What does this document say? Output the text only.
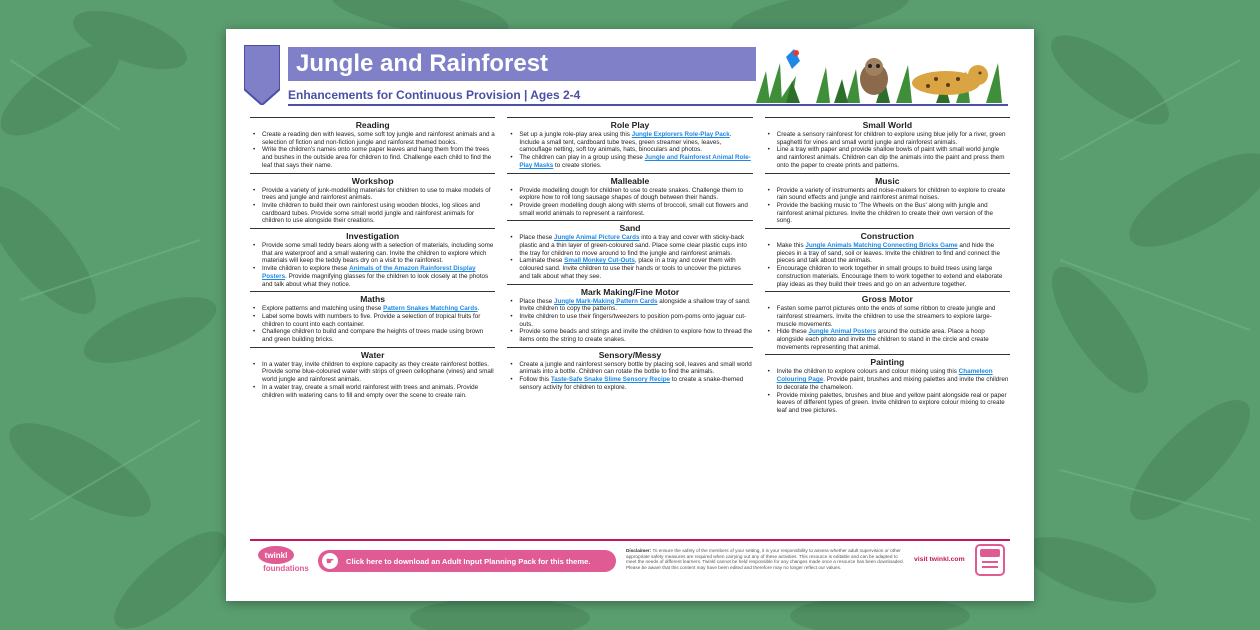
Jungle and Rainforest
Enhancements for Continuous Provision | Ages 2-4
Reading
• Create a reading den with leaves, some soft toy jungle and rainforest animals and a selection of fiction and non-fiction jungle and rainforest themed books.
• Write the children's names onto some paper leaves and hang them from the trees and bushes in the outside area for children to find. Challenge each child to find the leaf that says their name.
Workshop
• Provide a variety of junk-modelling materials for children to use to make models of trees and jungle and rainforest animals.
• Invite children to build their own rainforest using wooden blocks, log slices and cardboard tubes. Provide some small world jungle and rainforest animals for children to use alongside their creations.
Investigation
• Provide some small teddy bears along with a selection of materials, including some that are waterproof and a small watering can. Invite the children to explore which materials will keep the teddy bears dry on a visit to the rainforest.
• Invite children to explore these Animals of the Amazon Rainforest Display Posters. Provide magnifying glasses for the children to look closely at the photos and talk about what they notice.
Maths
• Explore patterns and matching using these Pattern Snakes Matching Cards.
• Label some bowls with numbers to five. Provide a selection of tropical fruits for children to count into each container.
• Challenge children to build and compare the heights of trees made using brown and green building bricks.
Water
• In a water tray, invite children to explore capacity as they create rainforest bottles. Provide some blue-coloured water with strips of green cellophane (vines) and small world jungle and rainforest animals.
• In a water tray, create a small world rainforest with trees and animals. Provide children with watering cans to fill and empty over the scene to create rain.
Role Play
• Set up a jungle role-play area using this Jungle Explorers Role-Play Pack. Include a small tent, cardboard tube trees, green streamer vines, leaves, camouflage netting, soft toy animals, hats, binoculars and photos.
• The children can play in a group using these Jungle and Rainforest Animal Role-Play Masks to create stories.
Malleable
• Provide modelling dough for children to use to create snakes. Challenge them to explore how to roll long sausage shapes of dough between their hands.
• Provide green modelling dough along with stems of broccoli, small cut flowers and small world animals to represent a rainforest.
Sand
• Place these Jungle Animal Picture Cards into a tray and cover with sticky-back plastic and a thin layer of green-coloured sand. Place some clear plastic cups into the tray for children to move around to find the jungle and rainforest animals.
• Laminate these Small Monkey Cut-Outs, place in a tray and cover them with coloured sand. Invite children to use their hands or tools to uncover the pictures and talk about what they see.
Mark Making/Fine Motor
• Place these Jungle Mark-Making Pattern Cards alongside a shallow tray of sand. Invite children to copy the patterns.
• Invite children to use their fingers/tweezers to position pom-poms onto jaguar cut-outs.
• Provide some beads and strings and invite the children to explore how to thread the items onto the string to create snakes.
Sensory/Messy
• Create a jungle and rainforest sensory bottle by placing soil, leaves and small world animals into a bottle. Children can rotate the bottle to find the animals.
• Follow this Taste-Safe Snake Slime Sensory Recipe to create a snake-themed sensory activity for children to explore.
Small World
• Create a sensory rainforest for children to explore using blue jelly for a river, green spaghetti for vines and small world jungle and rainforest animals.
• Line a tray with paper and provide shallow bowls of paint with small world jungle and rainforest animals. Children can dip the animals into the paint and press them onto the paper to create prints and patterns.
Music
• Provide a variety of instruments and noise-makers for children to explore to create rain sound effects and jungle and rainforest animal noises.
• Provide the backing music to 'The Wheels on the Bus' along with jungle and rainforest animal pictures. Invite the children to create their own version of the song.
Construction
• Make this Jungle Animals Matching Connecting Bricks Game and hide the pieces in a tray of sand, soil or leaves. Invite the children to find and connect the pieces and talk about the animals.
• Encourage children to work together in small groups to build trees using large construction materials. Encourage them to work together to extend and elaborate play ideas as they build their trees and go on an adventure together.
Gross Motor
• Fasten some parrot pictures onto the ends of some ribbon to create jungle and rainforest streamers. Invite the children to use the streamers to explore large-muscle movements.
• Hide these Jungle Animal Posters around the outside area. Place a hoop alongside each photo and invite the children to stand in the circle and create movements representing that animal.
Painting
• Invite the children to explore colours and colour mixing using this Chameleon Colouring Page. Provide paint, brushes and mixing palettes and invite the children to decorate the chameleon.
• Provide mixing palettes, brushes and blue and yellow paint alongside real or paper leaves of different types of green. Invite children to explore colour mixing to create leaf and tree pictures.
twinkl
foundations
☛	Click here to download an Adult Input Planning Pack for this theme.
Disclaimer: To ensure the safety of the members of your setting, it is your responsibility to assess whether adult supervision or other appropriate safety measures are required when carrying out any of these activities. This resource is editable and can be adapted to meet the needs of different learners. Twinkl cannot be held responsible for any changes made once a resource has been downloaded. Please be aware that this content may have been edited and therefore may no longer reflect our values.
visit twinkl.com
